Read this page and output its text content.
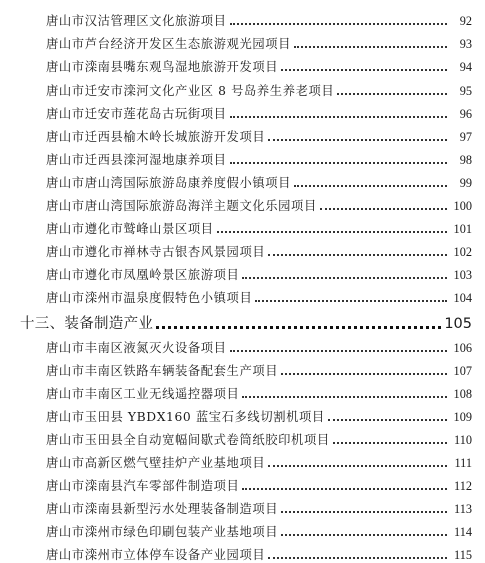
唐山市汉沽管理区文化旅游项目	92
唐山市芦台经济开发区生态旅游观光园项目	93
唐山市滦南县嘴东观鸟湿地旅游开发项目	94
唐山市迁安市滦河文化产业区 8 号岛养生养老项目	95
唐山市迁安市莲花岛古玩街项目	96
唐山市迁西县榆木岭长城旅游开发项目	97
唐山市迁西县滦河湿地康养项目	98
唐山市唐山湾国际旅游岛康养度假小镇项目	99
唐山市唐山湾国际旅游岛海洋主题文化乐园项目	100
唐山市遵化市鹫峰山景区项目	101
唐山市遵化市禅林寺古银杏风景园项目	102
唐山市遵化市凤凰岭景区旅游项目	103
唐山市滦州市温泉度假特色小镇项目	104
十三、装备制造产业	105
唐山市丰南区液氮灭火设备项目	106
唐山市丰南区铁路车辆装备配套生产项目	107
唐山市丰南区工业无线遥控器项目	108
唐山市玉田县 YBDX160 蓝宝石多线切割机项目	109
唐山市玉田县全自动宽幅间歇式卷筒纸胶印机项目	110
唐山市高新区燃气壁挂炉产业基地项目	111
唐山市滦南县汽车零部件制造项目	112
唐山市滦南县新型污水处理装备制造项目	113
唐山市滦州市绿色印刷包装产业基地项目	114
唐山市滦州市立体停车设备产业园项目	115
